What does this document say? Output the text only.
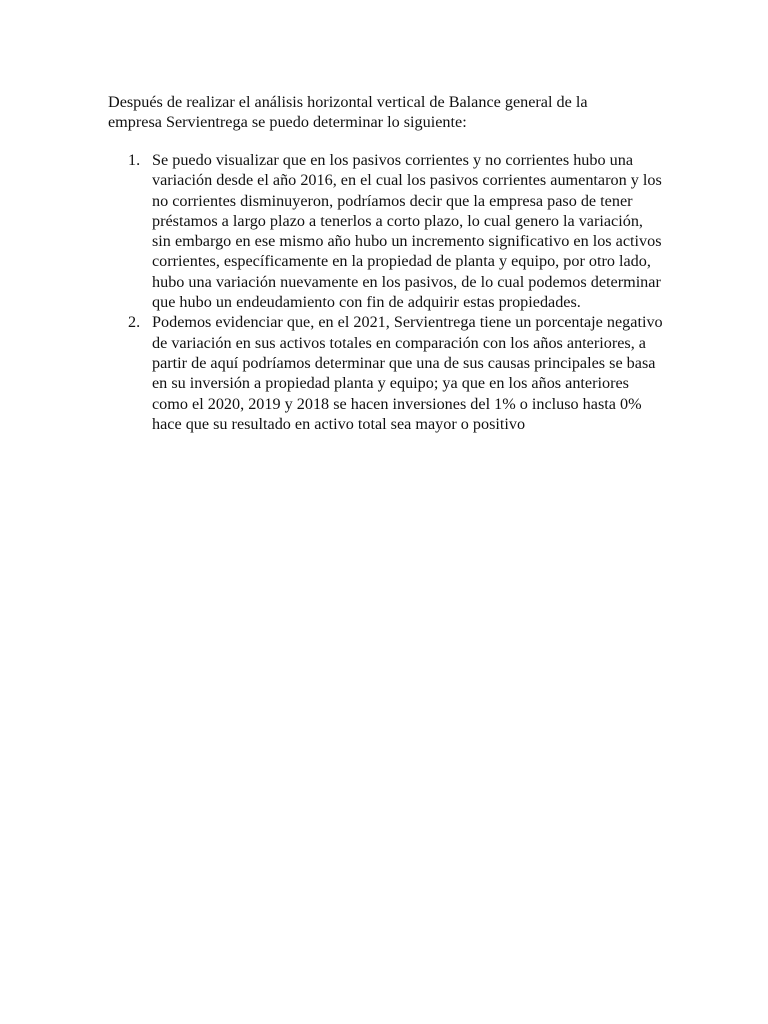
Después de realizar el análisis horizontal vertical de Balance general de la empresa Servientrega se puedo determinar lo siguiente:

1. Se puedo visualizar que en los pasivos corrientes y no corrientes hubo una variación desde el año 2016, en el cual los pasivos corrientes aumentaron y los no corrientes disminuyeron, podríamos decir que la empresa paso de tener préstamos a largo plazo a tenerlos a corto plazo, lo cual genero la variación, sin embargo en ese mismo año hubo un incremento significativo en los activos corrientes, específicamente en la propiedad de planta y equipo, por otro lado, hubo una variación nuevamente en los pasivos, de lo cual podemos determinar que hubo un endeudamiento con fin de adquirir estas propiedades.
2. Podemos evidenciar que, en el 2021, Servientrega tiene un porcentaje negativo de variación en sus activos totales en comparación con los años anteriores, a partir de aquí podríamos determinar que una de sus causas principales se basa en su inversión a propiedad planta y equipo; ya que en los años anteriores como el 2020, 2019 y 2018 se hacen inversiones del 1% o incluso hasta 0% hace que su resultado en activo total sea mayor o positivo
